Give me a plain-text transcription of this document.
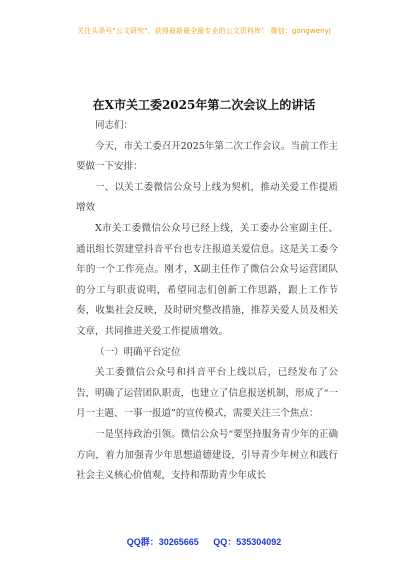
关注头条号"公文研究"，获得最新最全最专业的公文资料库！ 微信：gongwenyj
在X市关工委2025年第二次会议上的讲话

同志们：

今天，市关工委召开2025年第二次工作会议。当前工作主要做一下安排：

一、以关工委微信公众号上线为契机，推动关爱工作提质增效

X市关工委微信公众号已经上线，关工委办公室副主任、通讯组长贺建堂抖音平台也专注报道关爱信息。这是关工委今年的一个工作亮点。刚才，X副主任作了微信公众号运营团队的分工与职责说明，希望同志们创新工作思路，跟上工作节奏，收集社会反映，及时研究整改措施，推荐关爱人员及相关文章，共同推进关爱工作提质增效。

（一）明确平台定位

关工委微信公众号和抖音平台上线以后，已经发布了公告，明确了运营团队职责，也建立了信息报送机制，形成了“一月一主题、一事一报道”的宣传模式，需要关注三个焦点：

一是坚持政治引领。微信公众号“要坚持服务青少年的正确方向，着力加强青少年思想道德建设，引导青少年树立和践行社会主义核心价值观，支持和帮助青少年成长

QQ群：30265665 QQ：535304092
